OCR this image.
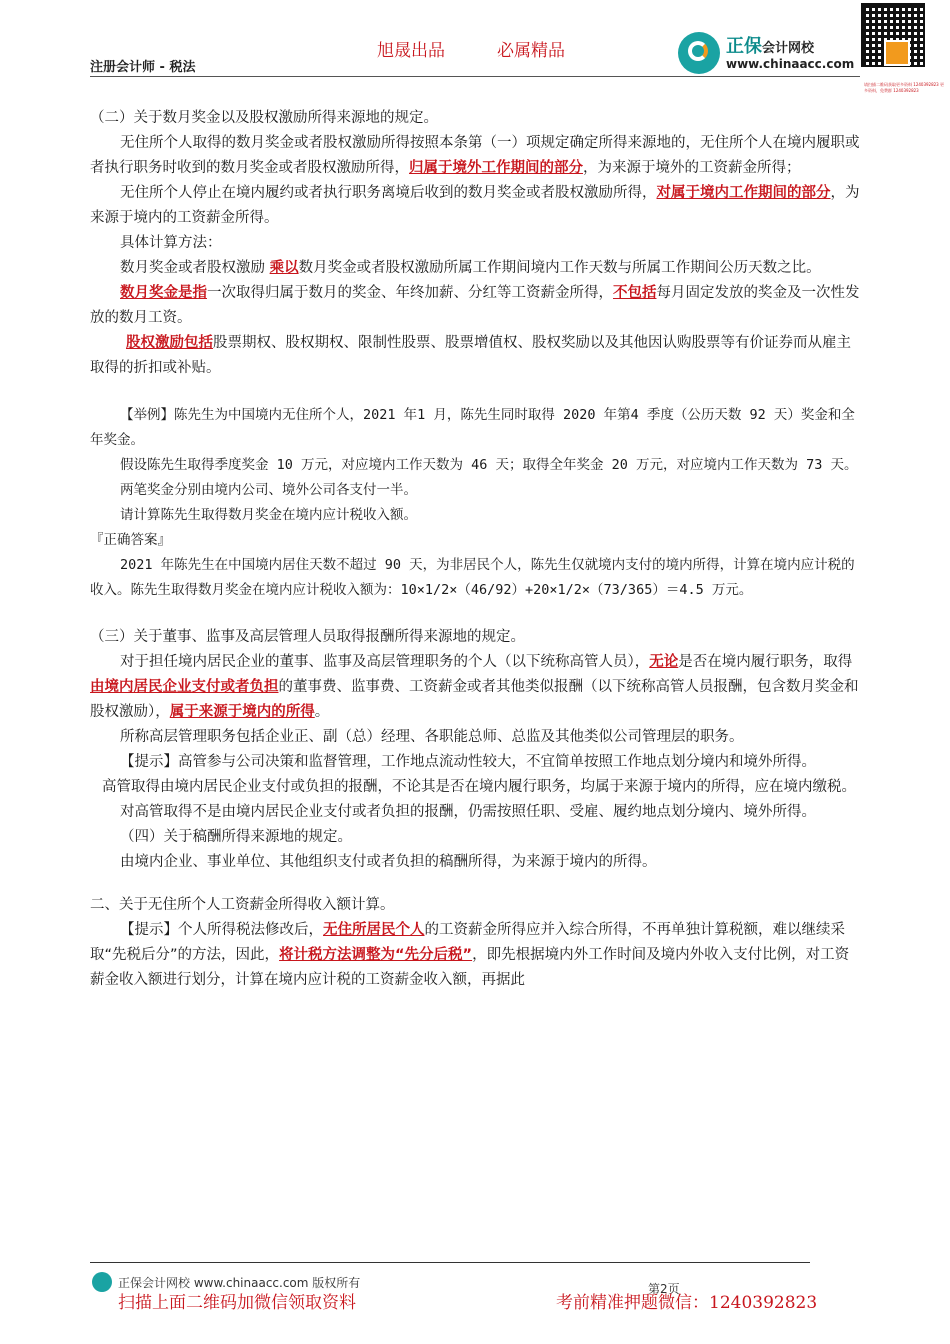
旭晟出品	必属精品
注册会计师 - 税法
正保会计网校
www.chinaacc.com
请扫描二维码获取更多资料 1240392823 更多资料，免费群 1240392823

（二）关于数月奖金以及股权激励所得来源地的规定。

无住所个人取得的数月奖金或者股权激励所得按照本条第（一）项规定确定所得来源地的，无住所个人在境内履职或者执行职务时收到的数月奖金或者股权激励所得，归属于境外工作期间的部分，为来源于境外的工资薪金所得；

无住所个人停止在境内履约或者执行职务离境后收到的数月奖金或者股权激励所得，对属于境内工作期间的部分，为来源于境内的工资薪金所得。

具体计算方法：

数月奖金或者股权激励 乘以数月奖金或者股权激励所属工作期间境内工作天数与所属工作期间公历天数之比。

数月奖金是指一次取得归属于数月的奖金、年终加薪、分红等工资薪金所得，不包括每月固定发放的奖金及一次性发放的数月工资。

股权激励包括股票期权、股权期权、限制性股票、股票增值权、股权奖励以及其他因认购股票等有价证券而从雇主取得的折扣或补贴。

【举例】陈先生为中国境内无住所个人，2021 年1 月，陈先生同时取得 2020 年第4 季度（公历天数 92 天）奖金和全年奖金。

假设陈先生取得季度奖金 10 万元，对应境内工作天数为 46 天；取得全年奖金 20 万元，对应境内工作天数为 73 天。

两笔奖金分别由境内公司、境外公司各支付一半。

请计算陈先生取得数月奖金在境内应计税收入额。

『正确答案』

2021 年陈先生在中国境内居住天数不超过 90 天，为非居民个人，陈先生仅就境内支付的境内所得，计算在境内应计税的收入。陈先生取得数月奖金在境内应计税收入额为：10×1/2×（46/92）+20×1/2×（73/365）＝4.5 万元。

（三）关于董事、监事及高层管理人员取得报酬所得来源地的规定。

对于担任境内居民企业的董事、监事及高层管理职务的个人（以下统称高管人员），无论是否在境内履行职务，取得 由境内居民企业支付或者负担的董事费、监事费、工资薪金或者其他类似报酬（以下统称高管人员报酬，包含数月奖金和股权激励），属于来源于境内的所得。

所称高层管理职务包括企业正、副（总）经理、各职能总师、总监及其他类似公司管理层的职务。

【提示】高管参与公司决策和监督管理，工作地点流动性较大，不宜简单按照工作地点划分境内和境外所得。

高管取得由境内居民企业支付或负担的报酬，不论其是否在境内履行职务，均属于来源于境内的所得，应在境内缴税。

对高管取得不是由境内居民企业支付或者负担的报酬，仍需按照任职、受雇、履约地点划分境内、境外所得。

（四）关于稿酬所得来源地的规定。

由境内企业、事业单位、其他组织支付或者负担的稿酬所得，为来源于境内的所得。

二、关于无住所个人工资薪金所得收入额计算。

【提示】个人所得税法修改后，无住所居民个人的工资薪金所得应并入综合所得，不再单独计算税额，难以继续采取“先税后分”的方法，因此，将计税方法调整为“先分后税”，即先根据境内外工作时间及境内外收入支付比例，对工资薪金收入额进行划分，计算在境内应计税的工资薪金收入额，再据此

正保会计网校 www.chinaacc.com 版权所有	第2页
扫描上面二维码加微信领取资料	考前精准押题微信：1240392823
